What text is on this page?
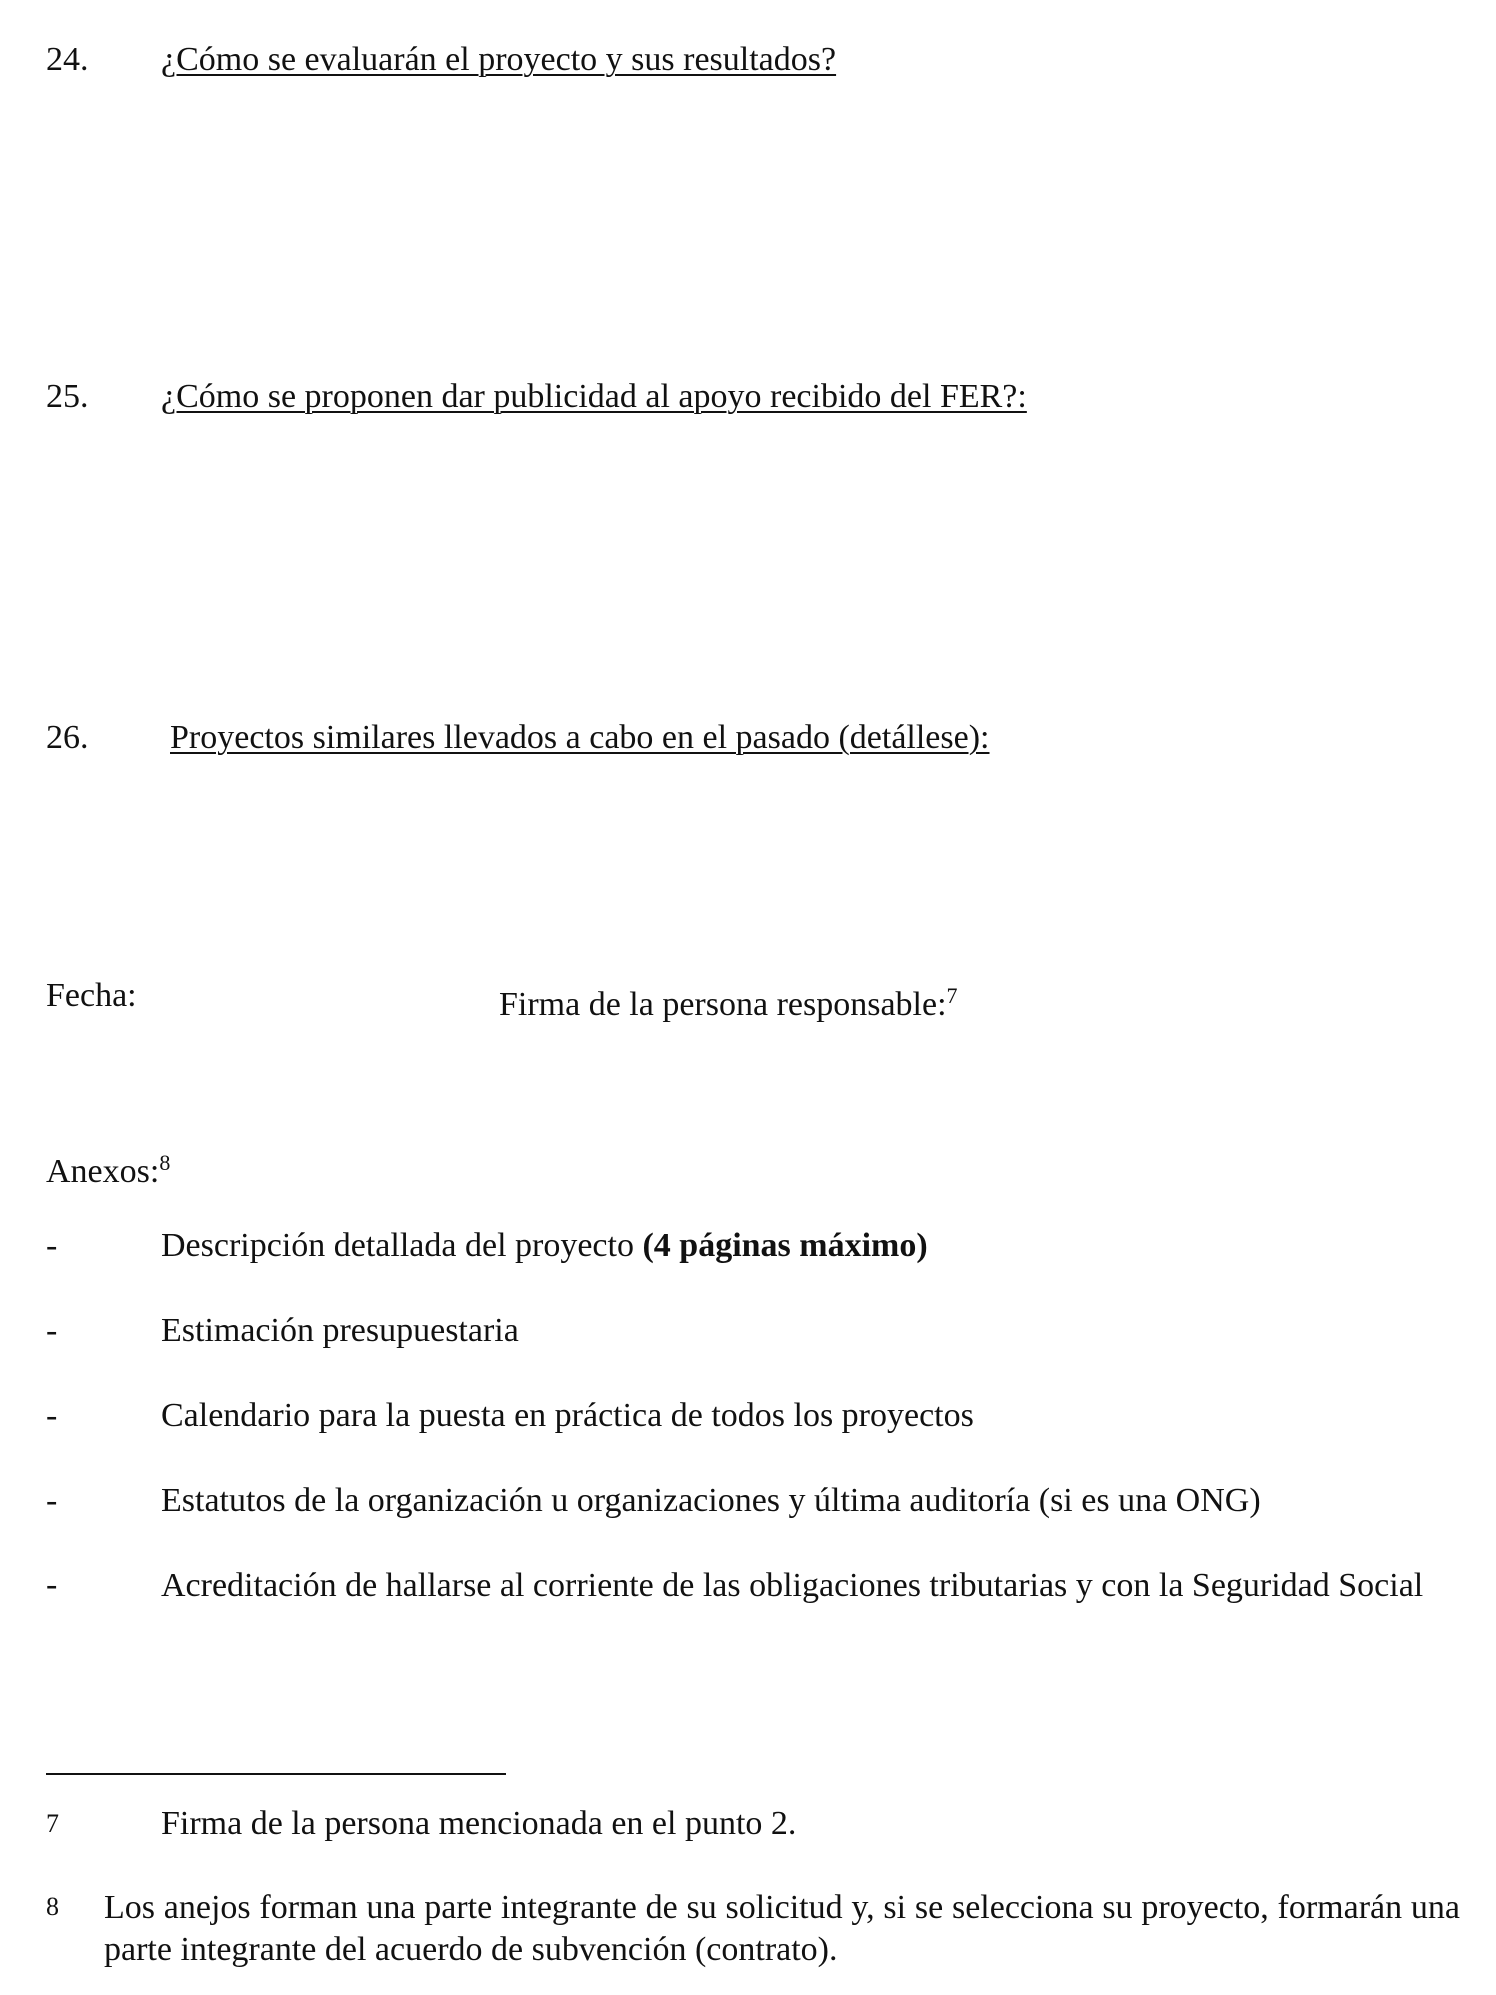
24. ¿Cómo se evaluarán el proyecto y sus resultados?
25. ¿Cómo se proponen dar publicidad al apoyo recibido del FER?:
26. Proyectos similares llevados a cabo en el pasado (detállese):
Fecha:	Firma de la persona responsable:$^7$
Anexos:$^8$
-	Descripción detallada del proyecto (4 páginas máximo)
-	Estimación presupuestaria
-	Calendario para la puesta en práctica de todos los proyectos
-	Estatutos de la organización u organizaciones y última auditoría (si es una ONG)
-	Acreditación de hallarse al corriente de las obligaciones tributarias y con la Seguridad Social
7	Firma de la persona mencionada en el punto 2.
8 Los anejos forman una parte integrante de su solicitud y, si se selecciona su proyecto, formarán una parte integrante del acuerdo de subvención (contrato).
